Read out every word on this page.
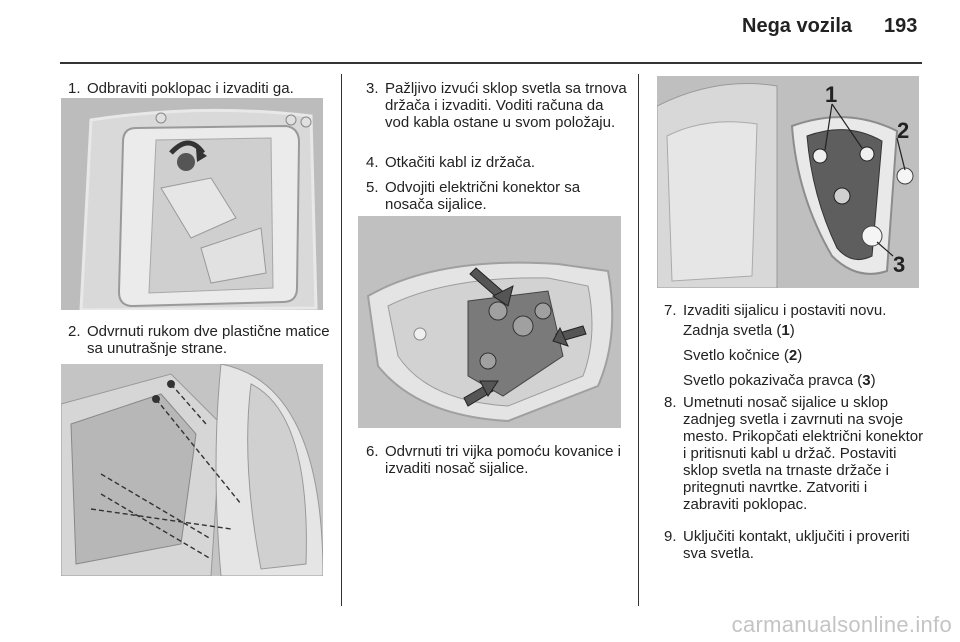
Nega vozila 193
1. Odbraviti poklopac i izvaditi ga.
2. Odvrnuti rukom dve plastične matice sa unutrašnje strane.
3. Pažljivo izvući sklop svetla sa trnova držača i izvaditi. Voditi računa da vod kabla ostane u svom položaju.
4. Otkačiti kabl iz držača.
5. Odvojiti električni konektor sa nosača sijalice.
6. Odvrnuti tri vijka pomoću kovanice i izvaditi nosač sijalice.
1
2
3
7. Izvaditi sijalicu i postaviti novu.
Zadnja svetla (1)
Svetlo kočnice (2)
Svetlo pokazivača pravca (3)
8. Umetnuti nosač sijalice u sklop zadnjeg svetla i zavrnuti na svoje mesto. Prikopčati električni konektor i pritisnuti kabl u držač. Postaviti sklop svetla na trnaste držače i pritegnuti navrtke. Zatvoriti i zabraviti poklopac.
9. Uključiti kontakt, uključiti i proveriti sva svetla.
carmanualsonline.info
